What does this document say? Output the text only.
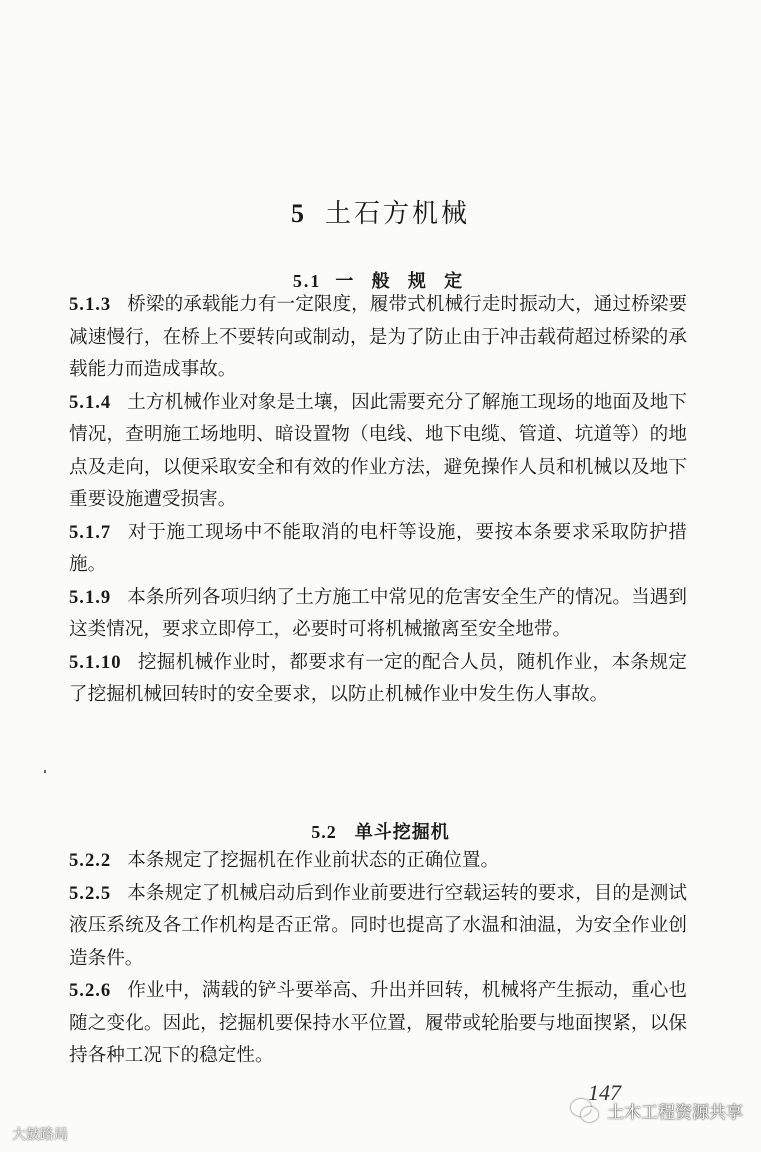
5 土石方机械
5.1 一 般 规 定

5.1.3 桥梁的承载能力有一定限度，履带式机械行走时振动大，通过桥梁要减速慢行，在桥上不要转向或制动，是为了防止由于冲击载荷超过桥梁的承载能力而造成事故。

5.1.4 土方机械作业对象是土壤，因此需要充分了解施工现场的地面及地下情况，查明施工场地明、暗设置物（电线、地下电缆、管道、坑道等）的地点及走向，以便采取安全和有效的作业方法，避免操作人员和机械以及地下重要设施遭受损害。

5.1.7 对于施工现场中不能取消的电杆等设施，要按本条要求采取防护措施。

5.1.9 本条所列各项归纳了土方施工中常见的危害安全生产的情况。当遇到这类情况，要求立即停工，必要时可将机械撤离至安全地带。

5.1.10 挖掘机械作业时，都要求有一定的配合人员，随机作业，本条规定了挖掘机械回转时的安全要求，以防止机械作业中发生伤人事故。

5.2 单斗挖掘机

5.2.2 本条规定了挖掘机在作业前状态的正确位置。

5.2.5 本条规定了机械启动后到作业前要进行空载运转的要求，目的是测试液压系统及各工作机构是否正常。同时也提高了水温和油温，为安全作业创造条件。

5.2.6 作业中，满载的铲斗要举高、升出并回转，机械将产生振动，重心也随之变化。因此，挖掘机要保持水平位置，履带或轮胎要与地面揳紧，以保持各种工况下的稳定性。

147
大鼓路局
土木工程资源共享
